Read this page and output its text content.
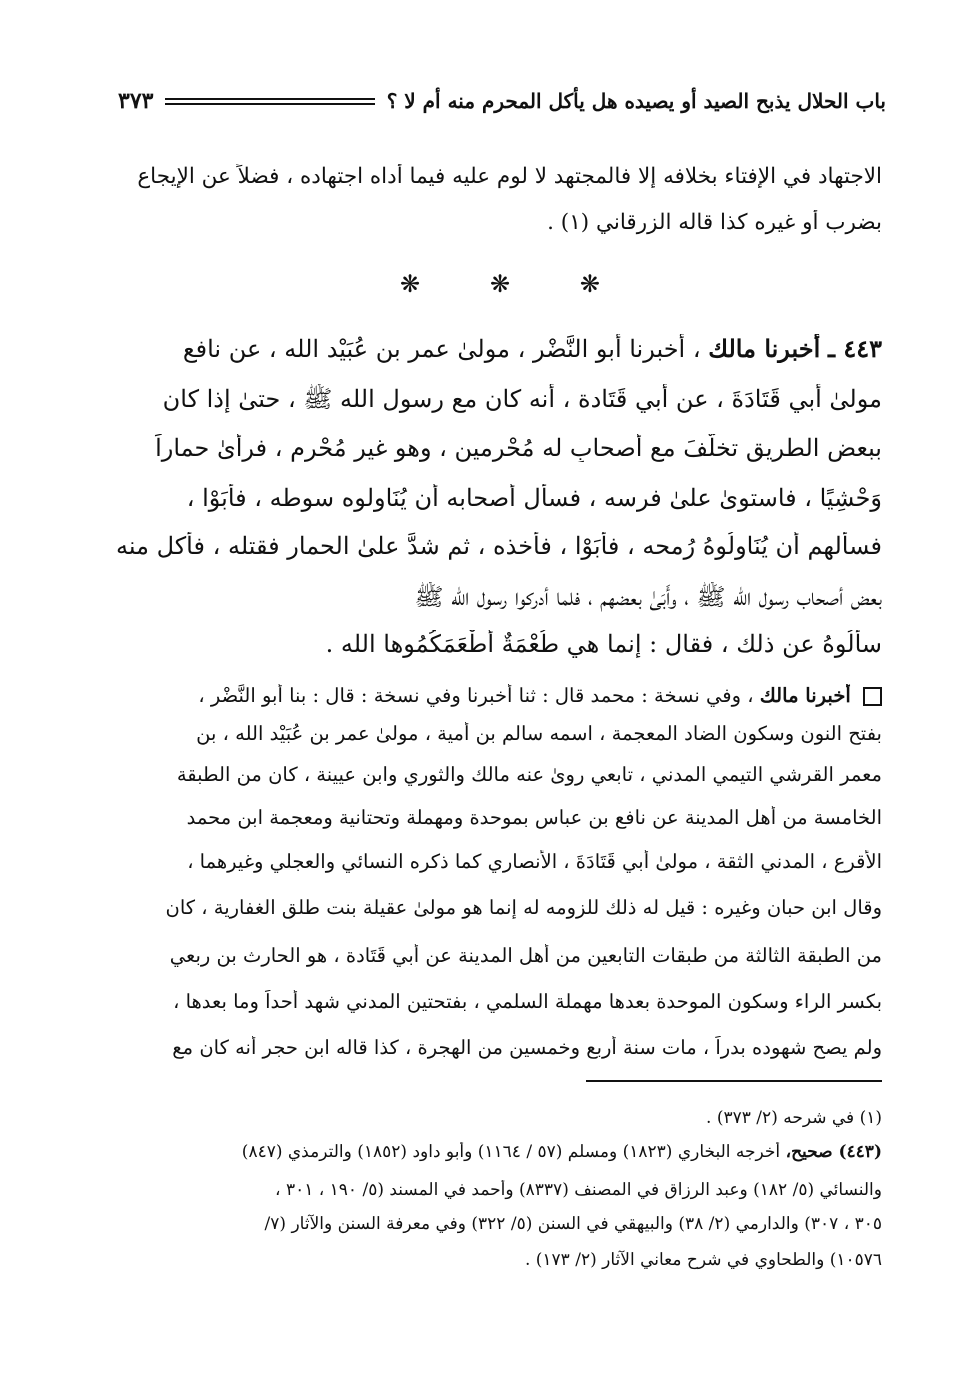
باب الحلال يذبح الصيد أو يصيده هل يأكل المحرم منه أم لا ؟
٣٧٣
الاجتهاد في الإفتاء بخلافه إلا فالمجتهد لا لوم عليه فيما أداه اجتهاده ، فضلاً عن الإيجاع
بضرب أو غيره كذا قاله الزرقاني (١) .
❋	❋	❋
٤٤٣ ـ أخبرنا مالك ، أخبرنا أبو النَّضْر ، مولىٰ عمر بن عُبَيْد الله ، عن نافع
مولىٰ أبي قَتَادَةَ ، عن أبي قَتَادة ، أنه كان مع رسول الله ﷺ ، حتىٰ إذا كان
ببعض الطريق تخلَّفَ مع أصحابٍ له مُحْرِمين ، وهو غير مُحْرِم ، فرأىٰ حماراً
وَحْشِيًا ، فاستوىٰ علىٰ فرسه ، فسأل أصحابه أن يُنَاوِلوه سوطه ، فأَبَوْا ،
فسألهم أن يُنَاوِلُوهُ رُمحه ، فأَبَوْا ، فأخذه ، ثم شدَّ علىٰ الحمار فقتله ، فأكل منه
بعض أصحاب رسول الله ﷺ ، وأَبَىٰ بعضهم ، فلما أدركوا رسول الله ﷺ
سألُوهُ عن ذلك ، فقال : إنما هي طُعْمَةٌ أطْعَمَكُمُوها الله .
أخبرنا مالك ، وفي نسخة : محمد قال : ثنا أخبرنا وفي نسخة : قال : بنا أبو النَّضْر ،
بفتح النون وسكون الضاد المعجمة ، اسمه سالم بن أمية ، مولىٰ عمر بن عُبَيْد الله ، بن
معمر القرشي التيمي المدني ، تابعي روىٰ عنه مالك والثوري وابن عيينة ، كان من الطبقة
الخامسة من أهل المدينة عن نافع بن عباس بموحدة ومهملة وتحتانية ومعجمة ابن محمد
الأقرع ، المدني الثقة ، مولىٰ أبي قَتَادَةَ ، الأنصاري كما ذكره النسائي والعجلي وغيرهما ،
وقال ابن حبان وغيره : قيل له ذلك للزومه له إنما هو مولىٰ عقيلة بنت طلق الغفارية ، كان
من الطبقة الثالثة من طبقات التابعين من أهل المدينة عن أبي قَتَادة ، هو الحارث بن ربعي
بكسر الراء وسكون الموحدة بعدها مهملة السلمي ، بفتحتين المدني شهد أحداً وما بعدها ،
ولم يصح شهوده بدراً ، مات سنة أربع وخمسين من الهجرة ، كذا قاله ابن حجر أنه كان مع
(١) في شرحه (٢/ ٣٧٣) .
(٤٤٣) صحيح، أخرجه البخاري (١٨٢٣) ومسلم (٥٧ / ١١٦٤) وأبو داود (١٨٥٢) والترمذي (٨٤٧)
والنسائي (٥/ ١٨٢) وعبد الرزاق في المصنف (٨٣٣٧) وأحمد في المسند (٥/ ١٩٠ ، ٣٠١ ،
٣٠٥ ، ٣٠٧) والدارمي (٢/ ٣٨) والبيهقي في السنن (٥/ ٣٢٢) وفي معرفة السنن والآثار (٧/
١٠٥٧٦) والطحاوي في شرح معاني الآثار (٢/ ١٧٣) .
